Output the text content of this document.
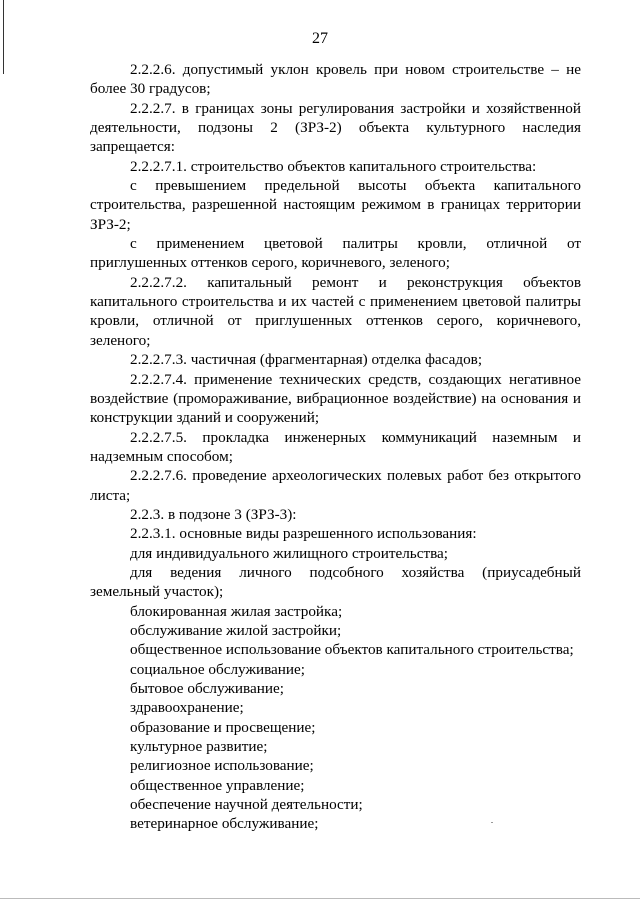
27

2.2.2.6. допустимый уклон кровель при новом строительстве – не более 30 градусов;

2.2.2.7. в границах зоны регулирования застройки и хозяйственной деятельности, подзоны 2 (ЗРЗ-2) объекта культурного наследия запрещается:

2.2.2.7.1. строительство объектов капитального строительства:

с превышением предельной высоты объекта капитального строительства, разрешенной настоящим режимом в границах территории ЗРЗ-2;

с применением цветовой палитры кровли, отличной от приглушенных оттенков серого, коричневого, зеленого;

2.2.2.7.2. капитальный ремонт и реконструкция объектов капитального строительства и их частей с применением цветовой палитры кровли, отличной от приглушенных оттенков серого, коричневого, зеленого;

2.2.2.7.3. частичная (фрагментарная) отделка фасадов;

2.2.2.7.4. применение технических средств, создающих негативное воздействие (промораживание, вибрационное воздействие) на основания и конструкции зданий и сооружений;

2.2.2.7.5. прокладка инженерных коммуникаций наземным и надземным способом;

2.2.2.7.6. проведение археологических полевых работ без открытого листа;

2.2.3. в подзоне 3 (ЗРЗ-3):

2.2.3.1. основные виды разрешенного использования:

для индивидуального жилищного строительства;

для ведения личного подсобного хозяйства (приусадебный земельный участок);

блокированная жилая застройка;

обслуживание жилой застройки;

общественное использование объектов капитального строительства;

социальное обслуживание;

бытовое обслуживание;

здравоохранение;

образование и просвещение;

культурное развитие;

религиозное использование;

общественное управление;

обеспечение научной деятельности;

ветеринарное обслуживание;
